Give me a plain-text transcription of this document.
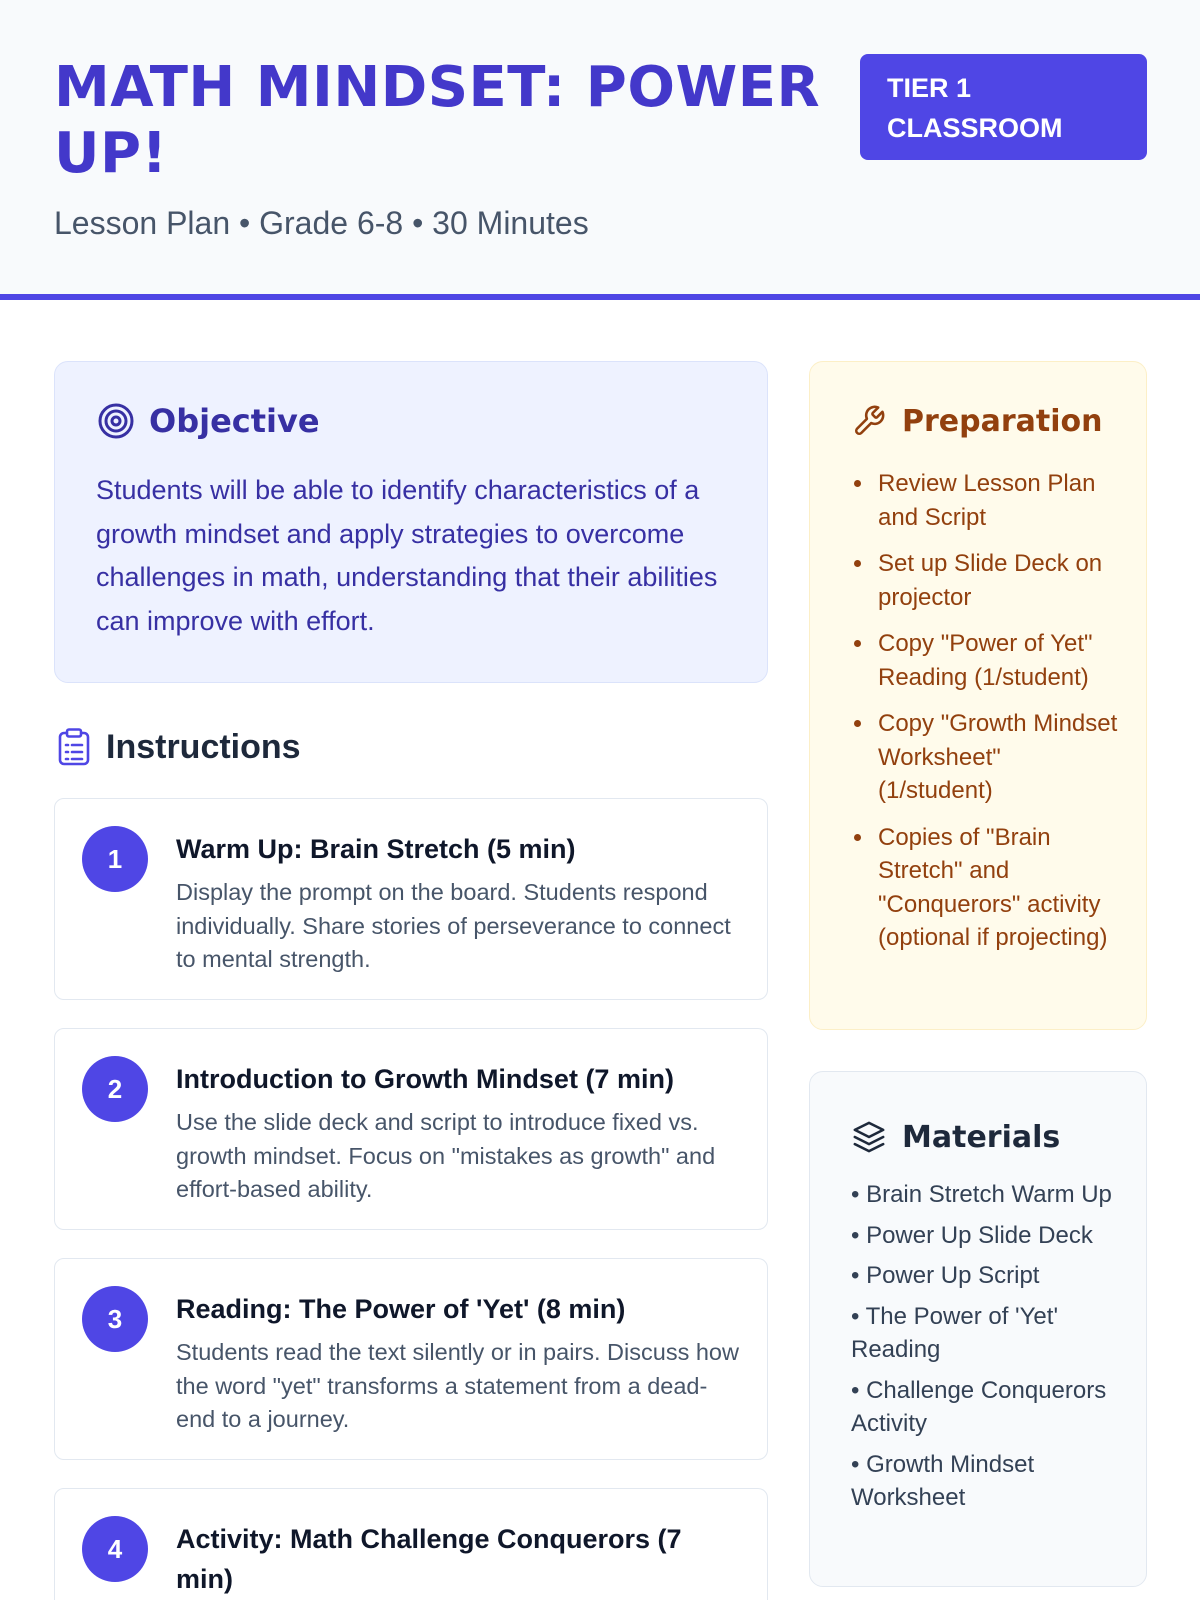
MATH MINDSET: POWER UP!
Lesson Plan • Grade 6-8 • 30 Minutes
TIER 1 CLASSROOM
Objective

Students will be able to identify characteristics of a growth mindset and apply strategies to overcome challenges in math, understanding that their abilities can improve with effort.

Instructions
1	Warm Up: Brain Stretch (5 min)
Display the prompt on the board. Students respond individually. Share stories of perseverance to connect to mental strength.
2	Introduction to Growth Mindset (7 min)
Use the slide deck and script to introduce fixed vs. growth mindset. Focus on "mistakes as growth" and effort-based ability.
3	Reading: The Power of 'Yet' (8 min)
Students read the text silently or in pairs. Discuss how the word "yet" transforms a statement from a dead-end to a journey.
4	Activity: Math Challenge Conquerors (7 min)
Preparation
Review Lesson Plan and Script
Set up Slide Deck on projector
Copy "Power of Yet" Reading (1/student)
Copy "Growth Mindset Worksheet" (1/student)
Copies of "Brain Stretch" and "Conquerors" activity (optional if projecting)
Materials
• Brain Stretch Warm Up
• Power Up Slide Deck
• Power Up Script
• The Power of 'Yet' Reading
• Challenge Conquerors Activity
• Growth Mindset Worksheet
